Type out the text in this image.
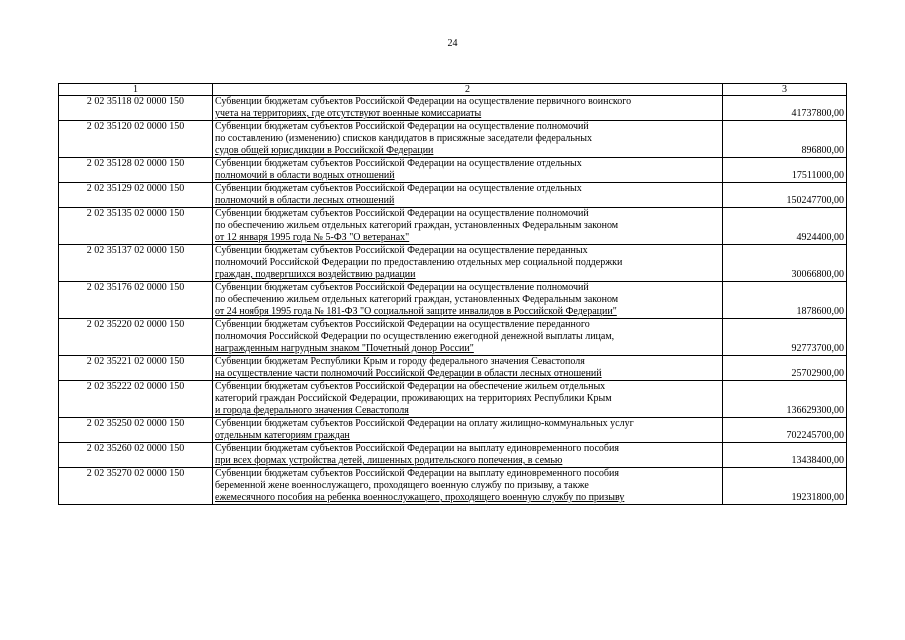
24
1	2	3
2 02 35118 02 0000 150	Субвенции бюджетам субъектов Российской Федерации на осуществление первичного воинского
учета на территориях, где отсутствуют военные комиссариаты	41737800,00
2 02 35120 02 0000 150	Субвенции бюджетам субъектов Российской Федерации на осуществление полномочий
по составлению (изменению) списков кандидатов в присяжные заседатели федеральных
судов общей юрисдикции в Российской Федерации	896800,00
2 02 35128 02 0000 150	Субвенции бюджетам субъектов Российской Федерации на осуществление отдельных
полномочий в области водных отношений	17511000,00
2 02 35129 02 0000 150	Субвенции бюджетам субъектов Российской Федерации на осуществление отдельных
полномочий в области лесных отношений	150247700,00
2 02 35135 02 0000 150	Субвенции бюджетам субъектов Российской Федерации на осуществление полномочий
по обеспечению жильем отдельных категорий граждан, установленных Федеральным законом
от 12 января 1995 года № 5-ФЗ "О ветеранах"	4924400,00
2 02 35137 02 0000 150	Субвенции бюджетам субъектов Российской Федерации на осуществление переданных
полномочий Российской Федерации по предоставлению отдельных мер социальной поддержки
граждан, подвергшихся воздействию радиации	30066800,00
2 02 35176 02 0000 150	Субвенции бюджетам субъектов Российской Федерации на осуществление полномочий
по обеспечению жильем отдельных категорий граждан, установленных Федеральным законом
от 24 ноября 1995 года № 181-ФЗ "О социальной защите инвалидов в Российской Федерации"	1878600,00
2 02 35220 02 0000 150	Субвенции бюджетам субъектов Российской Федерации на осуществление переданного
полномочия Российской Федерации по осуществлению ежегодной денежной выплаты лицам,
награжденным нагрудным знаком "Почетный донор России"	92773700,00
2 02 35221 02 0000 150	Субвенции бюджетам Республики Крым и городу федерального значения Севастополя
на осуществление части полномочий Российской Федерации в области лесных отношений	25702900,00
2 02 35222 02 0000 150	Субвенции бюджетам субъектов Российской Федерации на обеспечение жильем отдельных
категорий граждан Российской Федерации, проживающих на территориях Республики Крым
и города федерального значения Севастополя	136629300,00
2 02 35250 02 0000 150	Субвенции бюджетам субъектов Российской Федерации на оплату жилищно-коммунальных услуг
отдельным категориям граждан	702245700,00
2 02 35260 02 0000 150	Субвенции бюджетам субъектов Российской Федерации на выплату единовременного пособия
при всех формах устройства детей, лишенных родительского попечения, в семью	13438400,00
2 02 35270 02 0000 150	Субвенции бюджетам субъектов Российской Федерации на выплату единовременного пособия
беременной жене военнослужащего, проходящего военную службу по призыву, а также
ежемесячного пособия на ребенка военнослужащего, проходящего военную службу по призыву	19231800,00
